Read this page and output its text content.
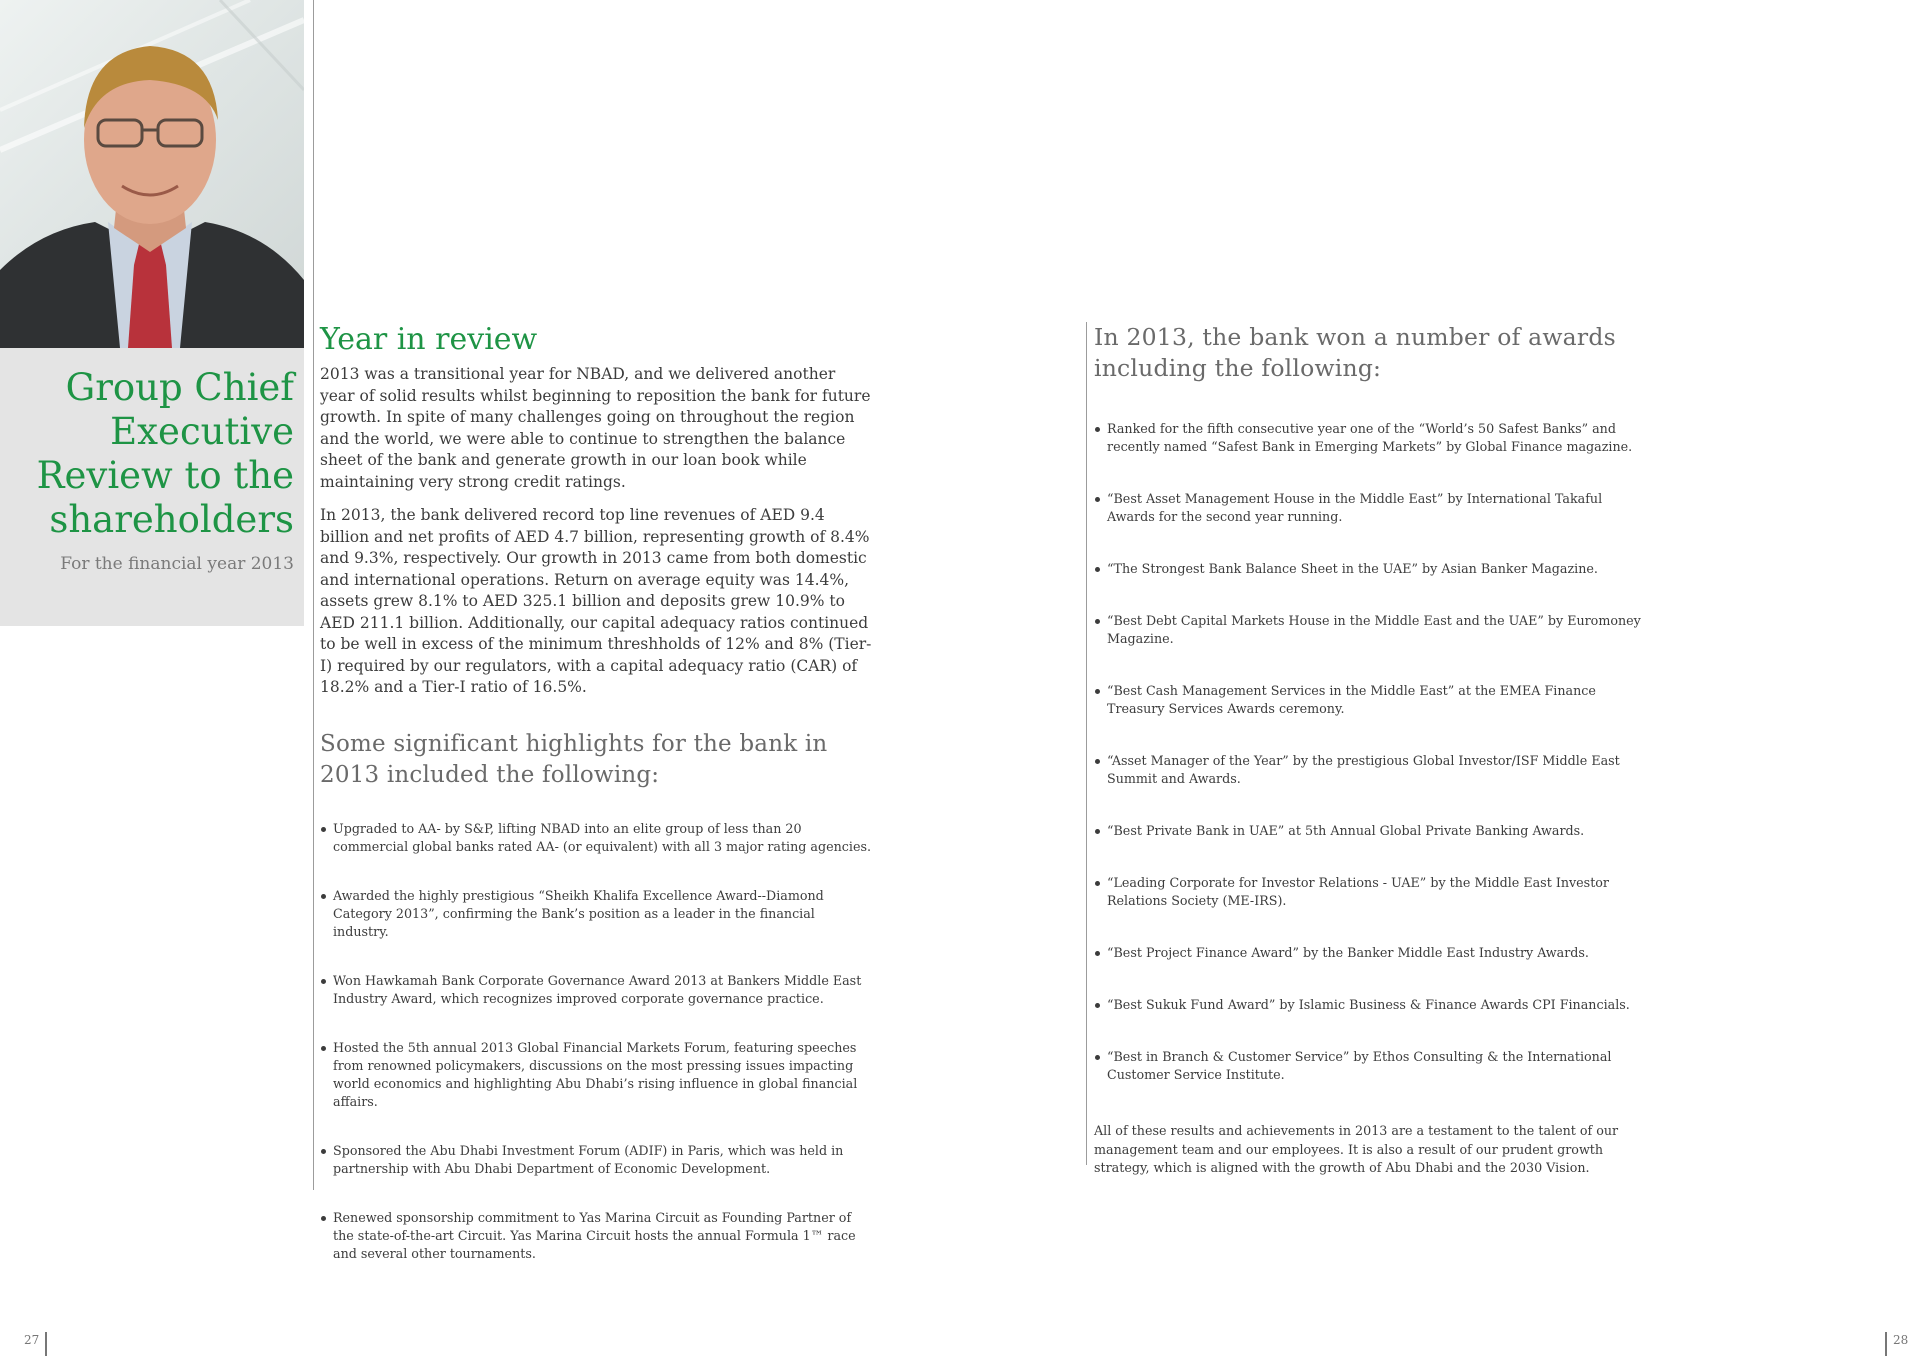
Group Chief
Executive
Review to the
shareholders
For the financial year 2013
Year in review

2013 was a transitional year for NBAD, and we delivered another year of solid results whilst beginning to reposition the bank for future growth. In spite of many challenges going on throughout the region and the world, we were able to continue to strengthen the balance sheet of the bank and generate growth in our loan book while maintaining very strong credit ratings.

In 2013, the bank delivered record top line revenues of AED 9.4 billion and net profits of AED 4.7 billion, representing growth of 8.4% and 9.3%, respectively. Our growth in 2013 came from both domestic and international operations. Return on average equity was 14.4%, assets grew 8.1% to AED 325.1 billion and deposits grew 10.9% to AED 211.1 billion. Additionally, our capital adequacy ratios continued to be well in excess of the minimum threshholds of 12% and 8% (Tier-I) required by our regulators, with a capital adequacy ratio (CAR) of 18.2% and a Tier-I ratio of 16.5%.

Some significant highlights for the bank in 2013 included the following:
Upgraded to AA- by S&P, lifting NBAD into an elite group of less than 20 commercial global banks rated AA- (or equivalent) with all 3 major rating agencies.
Awarded the highly prestigious “Sheikh Khalifa Excellence Award--Diamond Category 2013”, confirming the Bank’s position as a leader in the financial industry.
Won Hawkamah Bank Corporate Governance Award 2013 at Bankers Middle East Industry Award, which recognizes improved corporate governance practice.
Hosted the 5th annual 2013 Global Financial Markets Forum, featuring speeches from renowned policymakers, discussions on the most pressing issues impacting world economics and highlighting Abu Dhabi’s rising influence in global financial affairs.
Sponsored the Abu Dhabi Investment Forum (ADIF) in Paris, which was held in partnership with Abu Dhabi Department of Economic Development.
Renewed sponsorship commitment to Yas Marina Circuit as Founding Partner of the state-of-the-art Circuit. Yas Marina Circuit hosts the annual Formula 1™ race and several other tournaments.
In 2013, the bank won a number of awards including the following:
Ranked for the fifth consecutive year one of the “World’s 50 Safest Banks” and recently named “Safest Bank in Emerging Markets” by Global Finance magazine.
“Best Asset Management House in the Middle East” by International Takaful Awards for the second year running.
“The Strongest Bank Balance Sheet in the UAE” by Asian Banker Magazine.
“Best Debt Capital Markets House in the Middle East and the UAE” by Euromoney Magazine.
“Best Cash Management Services in the Middle East” at the EMEA Finance Treasury Services Awards ceremony.
“Asset Manager of the Year” by the prestigious Global Investor/ISF Middle East Summit and Awards.
“Best Private Bank in UAE” at 5th Annual Global Private Banking Awards.
“Leading Corporate for Investor Relations - UAE” by the Middle East Investor Relations Society (ME-IRS).
“Best Project Finance Award” by the Banker Middle East Industry Awards.
“Best Sukuk Fund Award” by Islamic Business & Finance Awards CPI Financials.
“Best in Branch & Customer Service” by Ethos Consulting & the International Customer Service Institute.

All of these results and achievements in 2013 are a testament to the talent of our management team and our employees. It is also a result of our prudent growth strategy, which is aligned with the growth of Abu Dhabi and the 2030 Vision.

27	28
